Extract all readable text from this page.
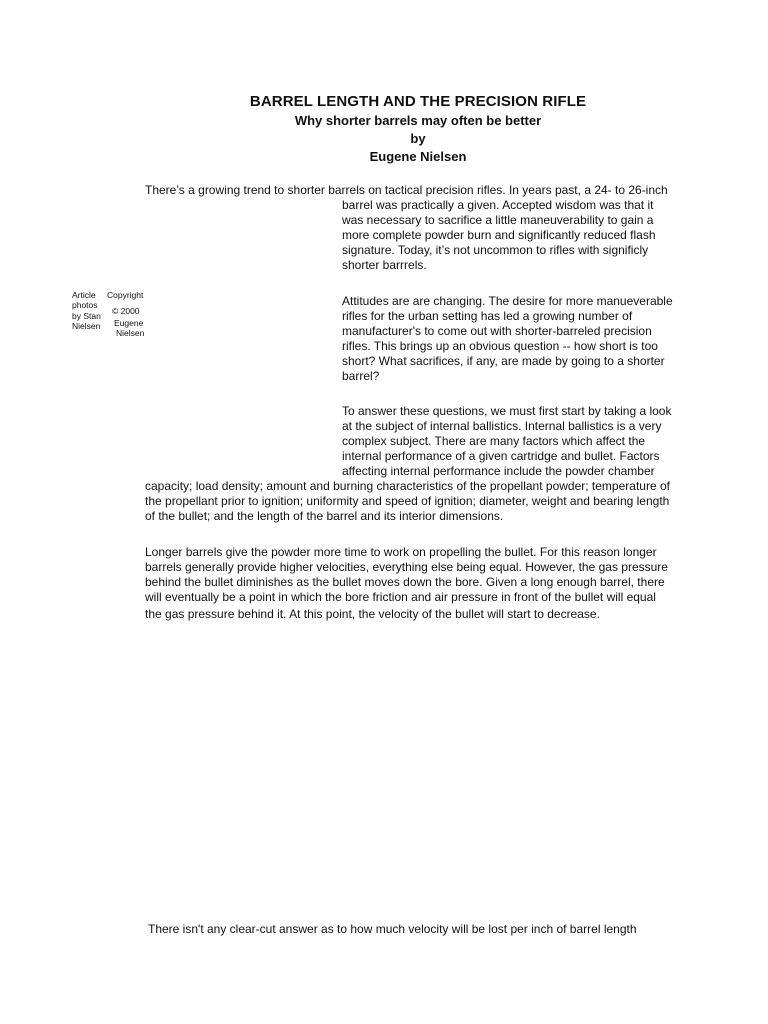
BARREL LENGTH AND THE PRECISION RIFLE
Why shorter barrels may often be better
by
Eugene Nielsen

Article

photos

by Stan

Nielsen

Copyright

© 2000

Eugene

Nielsen

There’s a growing trend to shorter barrels on tactical precision rifles. In years past, a 24- to 26-inch

barrel was practically a given. Accepted wisdom was that it

was necessary to sacrifice a little maneuverability to gain a

more complete powder burn and significantly reduced flash

signature. Today, it’s not uncommon to rifles with significly

shorter barrrels.

Attitudes are are changing. The desire for more manueverable

rifles for the urban setting has led a growing number of

manufacturer's to come out with shorter-barreled precision

rifles. This brings up an obvious question -- how short is too

short? What sacrifices, if any, are made by going to a shorter

barrel?

To answer these questions, we must first start by taking a look

at the subject of internal ballistics. Internal ballistics is a very

complex subject. There are many factors which affect the

internal performance of a given cartridge and bullet. Factors

affecting internal performance include the powder chamber

capacity; load density; amount and burning characteristics of the propellant powder; temperature of

the propellant prior to ignition; uniformity and speed of ignition; diameter, weight and bearing length

of the bullet; and the length of the barrel and its interior dimensions.

Longer barrels give the powder more time to work on propelling the bullet. For this reason longer

barrels generally provide higher velocities, everything else being equal. However, the gas pressure

behind the bullet diminishes as the bullet moves down the bore. Given a long enough barrel, there

will eventually be a point in which the bore friction and air pressure in front of the bullet will equal

the gas pressure behind it. At this point, the velocity of the bullet will start to decrease.

There isn't any clear-cut answer as to how much velocity will be lost per inch of barrel length
